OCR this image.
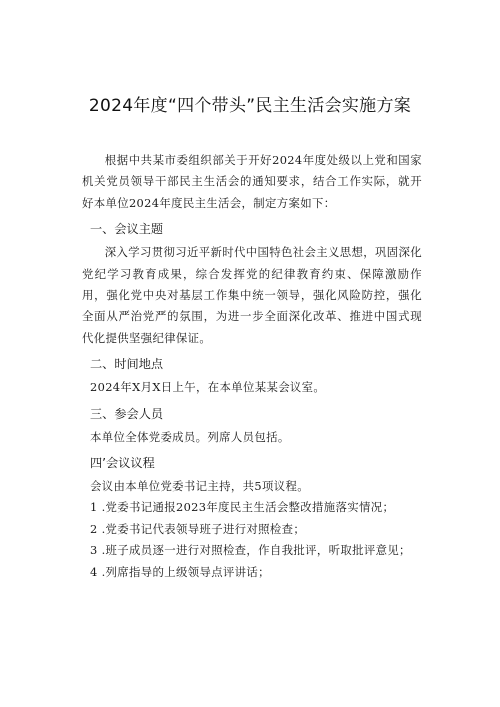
2024年度“四个带头”民主生活会实施方案

根据中共某市委组织部关于开好2024年度处级以上党和国家机关党员领导干部民主生活会的通知要求，结合工作实际，就开好本单位2024年度民主生活会，制定方案如下：

一、会议主题

深入学习贯彻习近平新时代中国特色社会主义思想，巩固深化党纪学习教育成果，综合发挥党的纪律教育约束、保障激励作用，强化党中央对基层工作集中统一领导，强化风险防控，强化全面从严治党严的氛围，为进一步全面深化改革、推进中国式现代化提供坚强纪律保证。

二、时间地点

2024年X月X日上午，在本单位某某会议室。

三、参会人员

本单位全体党委成员。列席人员包括。

四’会议议程

会议由本单位党委书记主持，共5项议程。

1 .党委书记通报2023年度民主生活会整改措施落实情况；

2 .党委书记代表领导班子进行对照检查；

3 .班子成员逐一进行对照检查，作自我批评，听取批评意见；

4 .列席指导的上级领导点评讲话；
